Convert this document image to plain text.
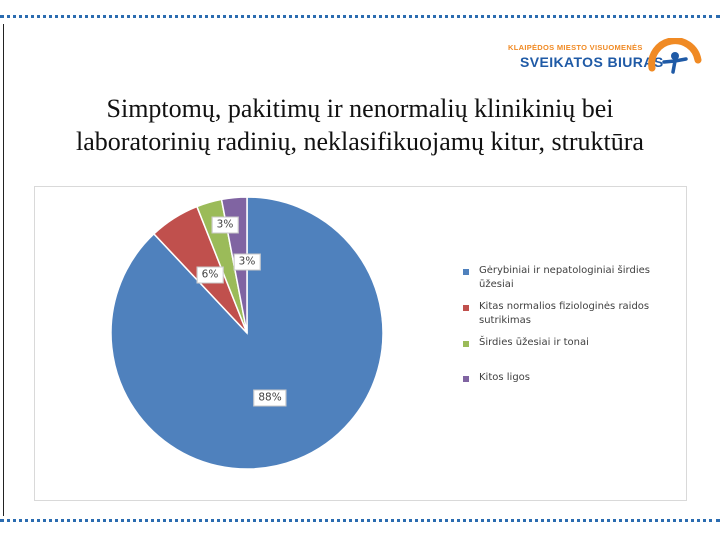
KLAIPĖDOS MIESTO VISUOMENĖS
SVEIKATOS BIURAS
Simptomų, pakitimų ir nenormalių klinikinių bei
laboratorinių radinių, neklasifikuojamų kitur, struktūra
88%
6%
3%
3%
Gėrybiniai ir nepatologiniai širdies ūžesiai
Kitas normalios fiziologinės raidos sutrikimas
Širdies ūžesiai ir tonai
Kitos ligos
